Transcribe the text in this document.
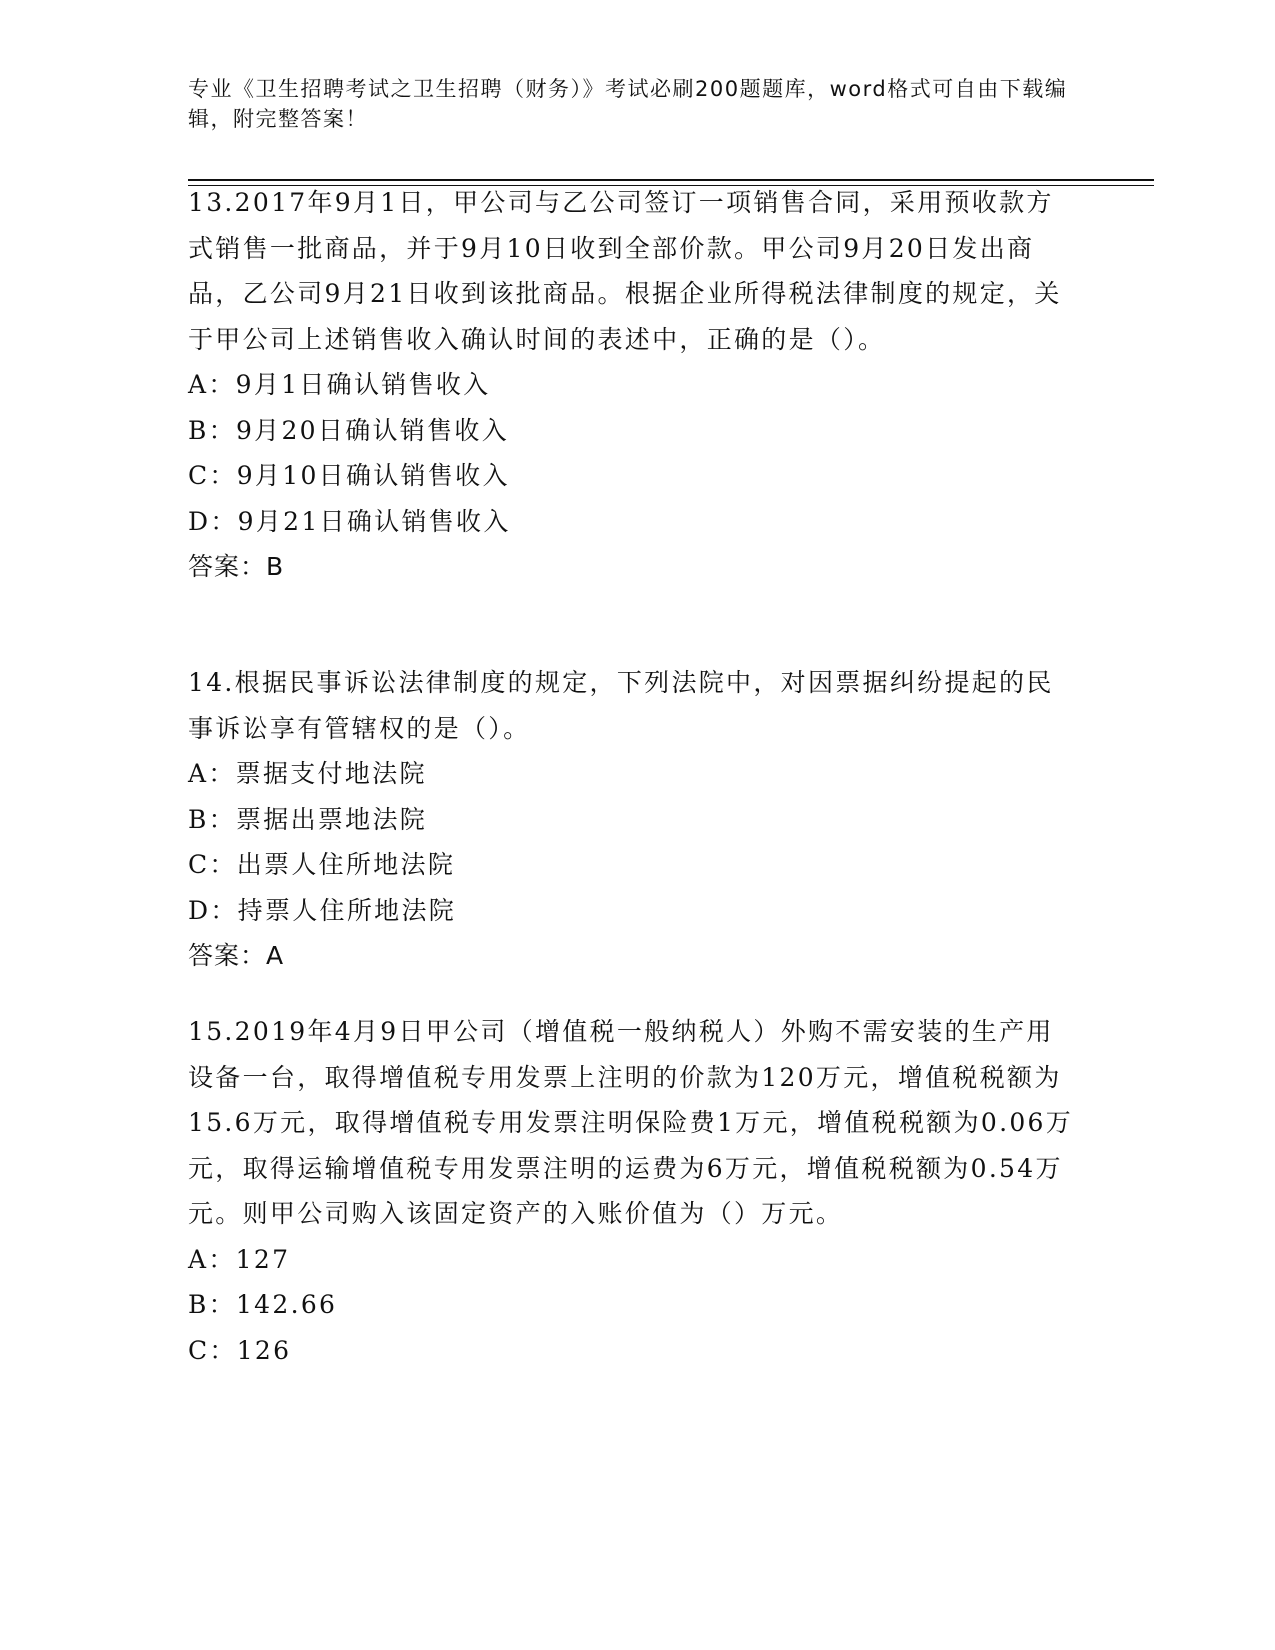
专业《卫生招聘考试之卫生招聘（财务）》考试必刷200题题库，word格式可自由下载编辑，附完整答案！

13.2017年9月1日，甲公司与乙公司签订一项销售合同，采用预收款方式销售一批商品，并于9月10日收到全部价款。甲公司9月20日发出商品，乙公司9月21日收到该批商品。根据企业所得税法律制度的规定，关于甲公司上述销售收入确认时间的表述中，正确的是（）。

A：9月1日确认销售收入

B：9月20日确认销售收入

C：9月10日确认销售收入

D：9月21日确认销售收入

答案：B

14.根据民事诉讼法律制度的规定，下列法院中，对因票据纠纷提起的民事诉讼享有管辖权的是（）。

A：票据支付地法院

B：票据出票地法院

C：出票人住所地法院

D：持票人住所地法院

答案：A

15.2019年4月9日甲公司（增值税一般纳税人）外购不需安装的生产用设备一台，取得增值税专用发票上注明的价款为120万元，增值税税额为15.6万元，取得增值税专用发票注明保险费1万元，增值税税额为0.06万元，取得运输增值税专用发票注明的运费为6万元，增值税税额为0.54万元。则甲公司购入该固定资产的入账价值为（）万元。

A：127

B：142.66

C：126
